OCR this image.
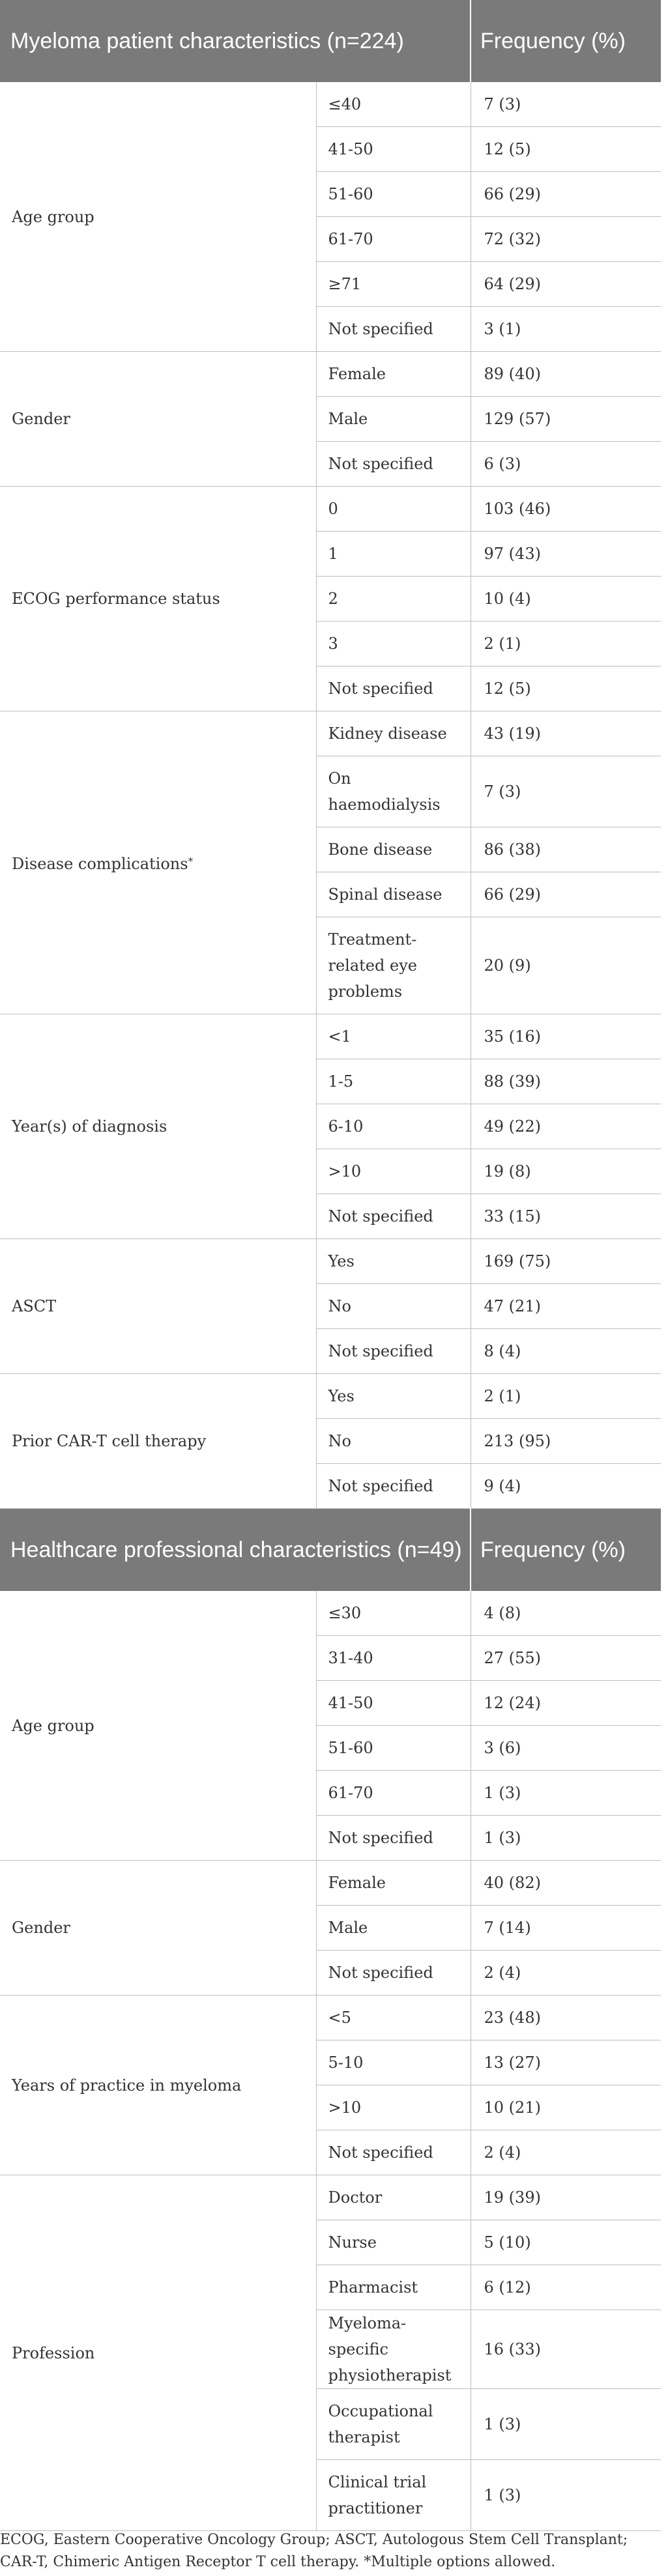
Myeloma patient characteristics (n=224)		Frequency (%)
Age group	≤40	7 (3)
	41-50	12 (5)
	51-60	66 (29)
	61-70	72 (32)
	≥71	64 (29)
	Not specified	3 (1)
Gender	Female	89 (40)
	Male	129 (57)
	Not specified	6 (3)
ECOG performance status	0	103 (46)
	1	97 (43)
	2	10 (4)
	3	2 (1)
	Not specified	12 (5)
Disease complications*	Kidney disease	43 (19)
	On haemodialysis	7 (3)
	Bone disease	86 (38)
	Spinal disease	66 (29)
	Treatment-related eye problems	20 (9)
Year(s) of diagnosis	<1	35 (16)
	1-5	88 (39)
	6-10	49 (22)
	>10	19 (8)
	Not specified	33 (15)
ASCT	Yes	169 (75)
	No	47 (21)
	Not specified	8 (4)
Prior CAR-T cell therapy	Yes	2 (1)
	No	213 (95)
	Not specified	9 (4)
Healthcare professional characteristics (n=49)		Frequency (%)
Age group	≤30	4 (8)
	31-40	27 (55)
	41-50	12 (24)
	51-60	3 (6)
	61-70	1 (3)
	Not specified	1 (3)
Gender	Female	40 (82)
	Male	7 (14)
	Not specified	2 (4)
Years of practice in myeloma	<5	23 (48)
	5-10	13 (27)
	>10	10 (21)
	Not specified	2 (4)
Profession	Doctor	19 (39)
	Nurse	5 (10)
	Pharmacist	6 (12)
	Myeloma-specific physiotherapist	16 (33)
	Occupational therapist	1 (3)
	Clinical trial practitioner	1 (3)
ECOG, Eastern Cooperative Oncology Group; ASCT, Autologous Stem Cell Transplant; CAR-T, Chimeric Antigen Receptor T cell therapy. *Multiple options allowed.
